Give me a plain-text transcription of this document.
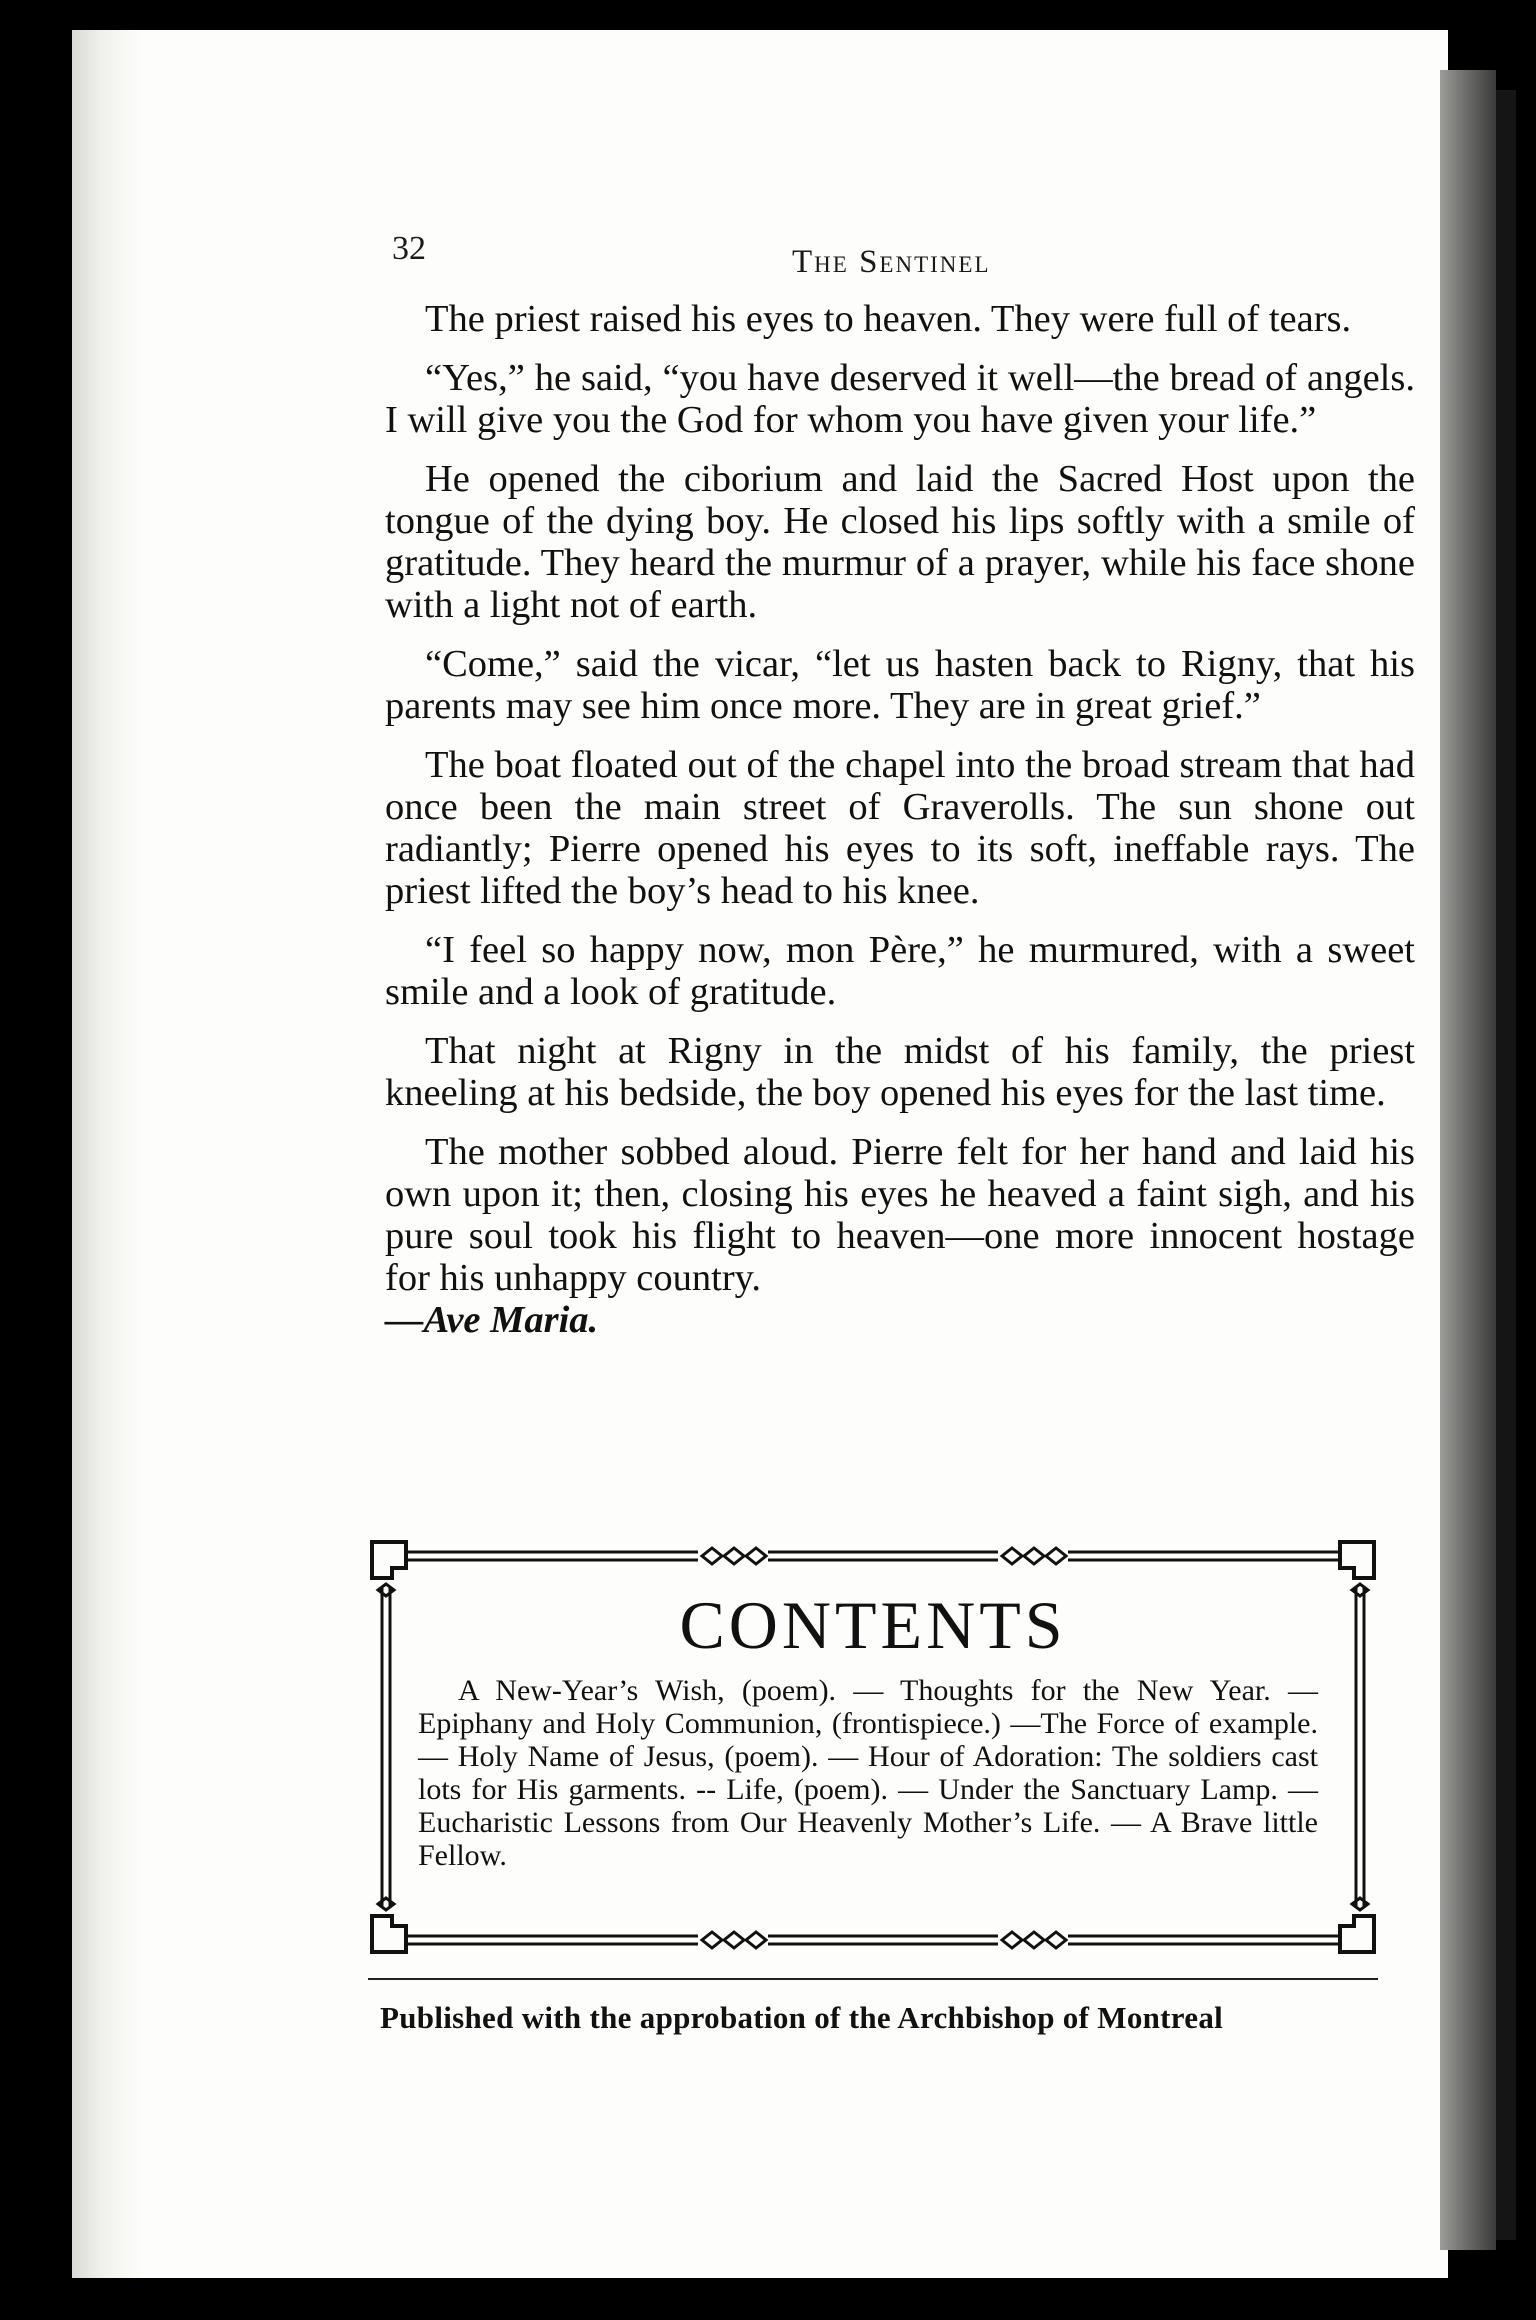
32	The Sentinel

The priest raised his eyes to heaven. They were full of tears.

“Yes,” he said, “you have deserved it well—the bread of angels. I will give you the God for whom you have given your life.”

He opened the ciborium and laid the Sacred Host upon the tongue of the dying boy. He closed his lips softly with a smile of gratitude. They heard the murmur of a prayer, while his face shone with a light not of earth.

“Come,” said the vicar, “let us hasten back to Rigny, that his parents may see him once more. They are in great grief.”

The boat floated out of the chapel into the broad stream that had once been the main street of Graverolls. The sun shone out radiantly; Pierre opened his eyes to its soft, ineffable rays. The priest lifted the boy’s head to his knee.

“I feel so happy now, mon Père,” he murmured, with a sweet smile and a look of gratitude.

That night at Rigny in the midst of his family, the priest kneeling at his bedside, the boy opened his eyes for the last time.

The mother sobbed aloud. Pierre felt for her hand and laid his own upon it; then, closing his eyes he heaved a faint sigh, and his pure soul took his flight to heaven—one more innocent hostage for his unhappy country.
—Ave Maria.

CONTENTS
A New-Year’s Wish, (poem). — Thoughts for the New Year. — Epiphany and Holy Communion, (frontispiece.) —The Force of example. — Holy Name of Jesus, (poem). — Hour of Adoration: The soldiers cast lots for His garments. -- Life, (poem). — Under the Sanctuary Lamp. — Eucharistic Lessons from Our Heavenly Mother’s Life. — A Brave little Fellow.
Published with the approbation of the Archbishop of Montreal
